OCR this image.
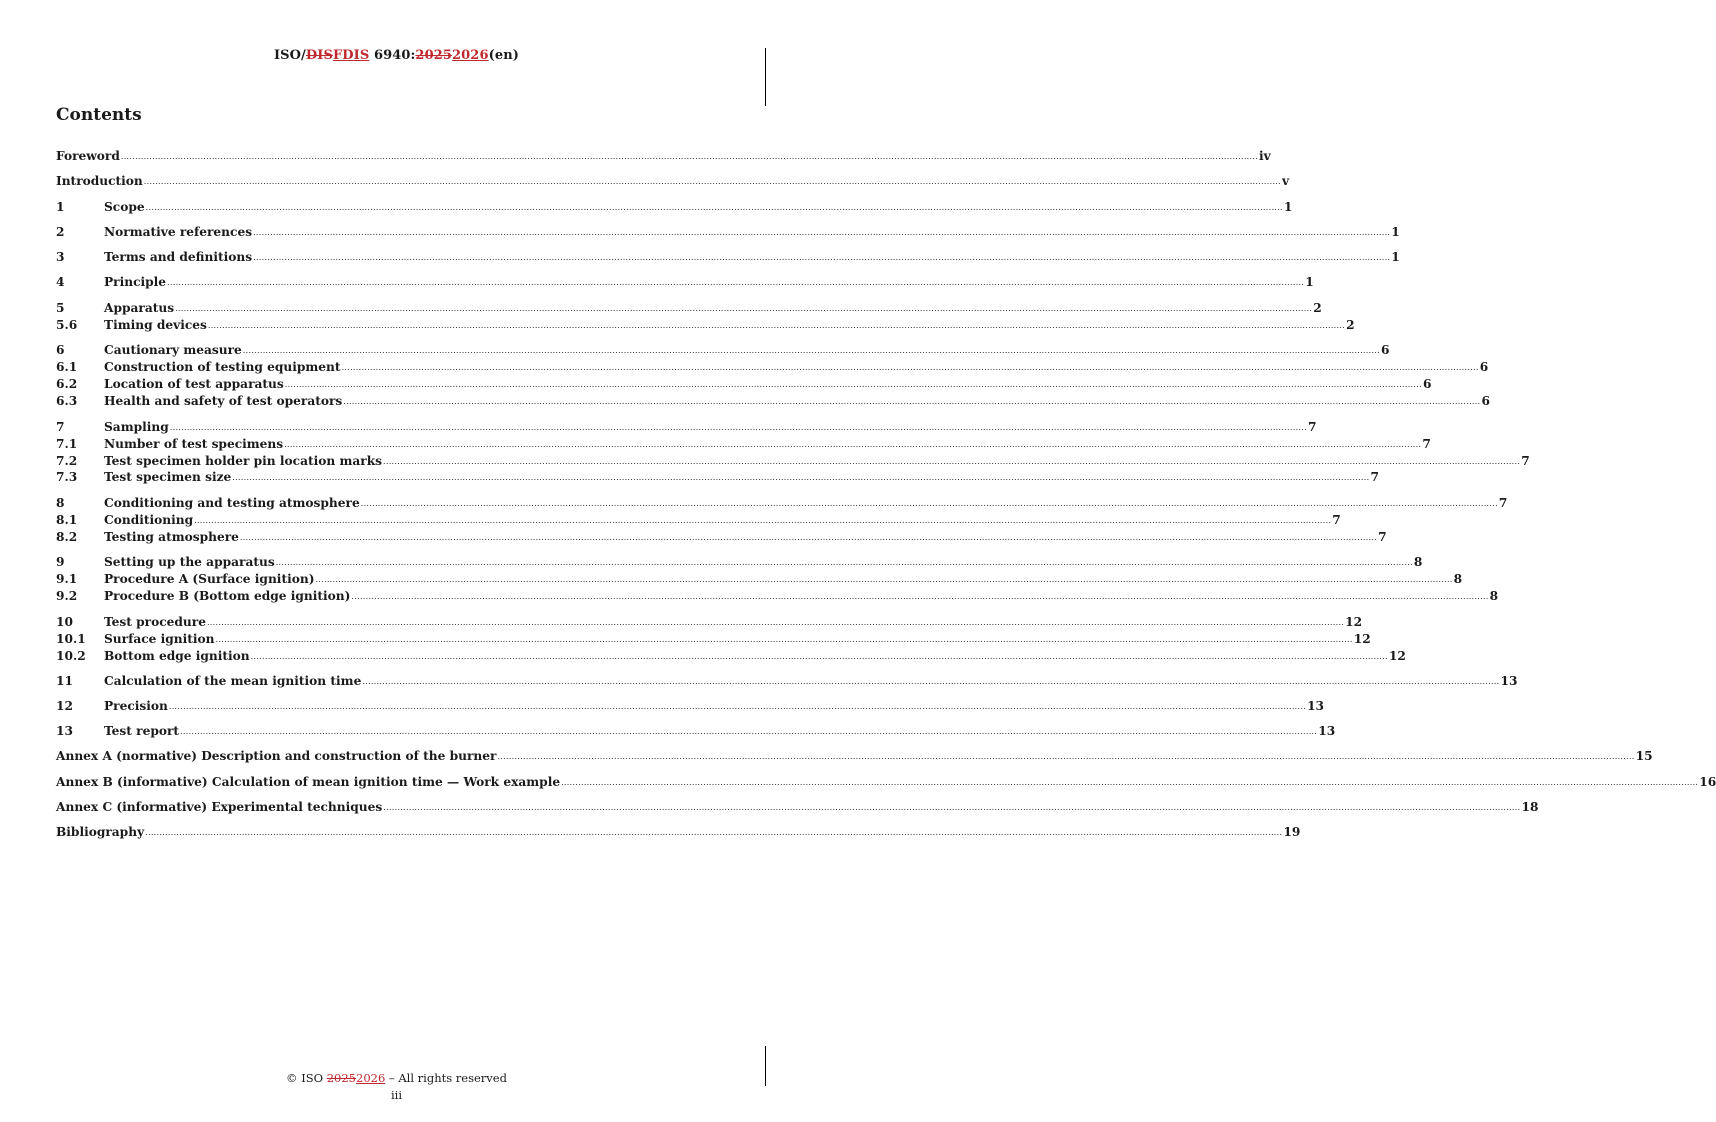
ISO/DISFDIS 6940:20252026(en)
Contents
Foreword ................................................................................................................................................................................................................................................................................................................................................................................................................ iv
Introduction ................................................................................................................................................................................................................................................................................................................................................................................................................ v
1	Scope ................................................................................................................................................................................................................................................................................................................................................................................................................ 1
2	Normative references ................................................................................................................................................................................................................................................................................................................................................................................................................ 1
3	Terms and definitions ................................................................................................................................................................................................................................................................................................................................................................................................................ 1
4	Principle ................................................................................................................................................................................................................................................................................................................................................................................................................ 1
5	Apparatus ................................................................................................................................................................................................................................................................................................................................................................................................................ 2
5.6	Timing devices ................................................................................................................................................................................................................................................................................................................................................................................................................ 2
6	Cautionary measure ................................................................................................................................................................................................................................................................................................................................................................................................................ 6
6.1	Construction of testing equipment ................................................................................................................................................................................................................................................................................................................................................................................................................ 6
6.2	Location of test apparatus ................................................................................................................................................................................................................................................................................................................................................................................................................ 6
6.3	Health and safety of test operators ................................................................................................................................................................................................................................................................................................................................................................................................................ 6
7	Sampling ................................................................................................................................................................................................................................................................................................................................................................................................................ 7
7.1	Number of test specimens ................................................................................................................................................................................................................................................................................................................................................................................................................ 7
7.2	Test specimen holder pin location marks ................................................................................................................................................................................................................................................................................................................................................................................................................ 7
7.3	Test specimen size ................................................................................................................................................................................................................................................................................................................................................................................................................ 7
8	Conditioning and testing atmosphere ................................................................................................................................................................................................................................................................................................................................................................................................................ 7
8.1	Conditioning ................................................................................................................................................................................................................................................................................................................................................................................................................ 7
8.2	Testing atmosphere ................................................................................................................................................................................................................................................................................................................................................................................................................ 7
9	Setting up the apparatus ................................................................................................................................................................................................................................................................................................................................................................................................................ 8
9.1	Procedure A (Surface ignition) ................................................................................................................................................................................................................................................................................................................................................................................................................ 8
9.2	Procedure B (Bottom edge ignition) ................................................................................................................................................................................................................................................................................................................................................................................................................ 8
10	Test procedure ................................................................................................................................................................................................................................................................................................................................................................................................................ 12
10.1	Surface ignition ................................................................................................................................................................................................................................................................................................................................................................................................................ 12
10.2	Bottom edge ignition ................................................................................................................................................................................................................................................................................................................................................................................................................ 12
11	Calculation of the mean ignition time ................................................................................................................................................................................................................................................................................................................................................................................................................ 13
12	Precision ................................................................................................................................................................................................................................................................................................................................................................................................................ 13
13	Test report ................................................................................................................................................................................................................................................................................................................................................................................................................ 13
Annex A (normative) Description and construction of the burner ................................................................................................................................................................................................................................................................................................................................................................................................................ 15
Annex B (informative) Calculation of mean ignition time — Work example ................................................................................................................................................................................................................................................................................................................................................................................................................ 16
Annex C (informative) Experimental techniques ................................................................................................................................................................................................................................................................................................................................................................................................................ 18
Bibliography ................................................................................................................................................................................................................................................................................................................................................................................................................ 19
© ISO 20252026 – All rights reserved
iii
